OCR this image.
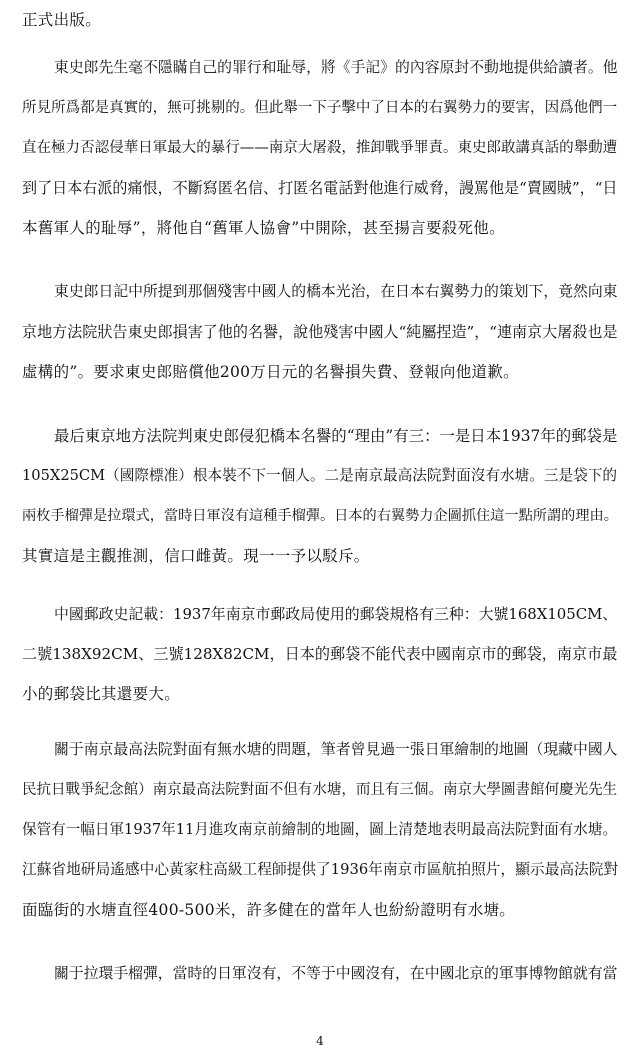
正式出版。
東史郎先生毫不隱瞞自己的罪行和耻辱，將《手記》的內容原封不動地提供給讀者。他
所見所爲都是真實的，無可挑剔的。但此舉一下子擊中了日本的右翼勢力的要害，因爲他們一
直在極力否認侵華日軍最大的暴行——南京大屠殺，推卸戰爭罪責。東史郎敢講真話的舉動遭
到了日本右派的痛恨，不斷寫匿名信、打匿名電話對他進行威脅，謾罵他是“賣國賊”，“日
本舊軍人的耻辱”，將他自“舊軍人協會”中開除，甚至揚言要殺死他。
東史郎日記中所提到那個殘害中國人的橋本光治，在日本右翼勢力的策划下，竟然向東
京地方法院狀告東史郎損害了他的名譽，說他殘害中國人“純屬捏造”，“連南京大屠殺也是
虛構的”。要求東史郎賠償他200万日元的名譽損失費、登報向他道歉。
最后東京地方法院判東史郎侵犯橋本名譽的“理由”有三：一是日本1937年的郵袋是
105X25CM（國際標准）根本裝不下一個人。二是南京最高法院對面沒有水塘。三是袋下的
兩枚手榴彈是拉環式，當時日軍沒有這種手榴彈。日本的右翼勢力企圖抓住這一點所謂的理由。
其實這是主觀推測，信口雌黃。現一一予以駁斥。
中國郵政史記載：1937年南京市郵政局使用的郵袋規格有三种：大號168X105CM、
二號138X92CM、三號128X82CM，日本的郵袋不能代表中國南京市的郵袋，南京市最
小的郵袋比其還要大。
關于南京最高法院對面有無水塘的問題，筆者曾見過一張日軍繪制的地圖（現藏中國人
民抗日戰爭紀念館）南京最高法院對面不但有水塘，而且有三個。南京大學圖書館何慶光先生
保管有一幅日軍1937年11月進攻南京前繪制的地圖，圖上清楚地表明最高法院對面有水塘。
江蘇省地研局遙感中心黃家柱高級工程師提供了1936年南京市區航拍照片，顯示最高法院對
面臨街的水塘直徑400-500米，許多健在的當年人也紛紛證明有水塘。
關于拉環手榴彈，當時的日軍沒有，不等于中國沒有，在中國北京的軍事博物館就有當
4
